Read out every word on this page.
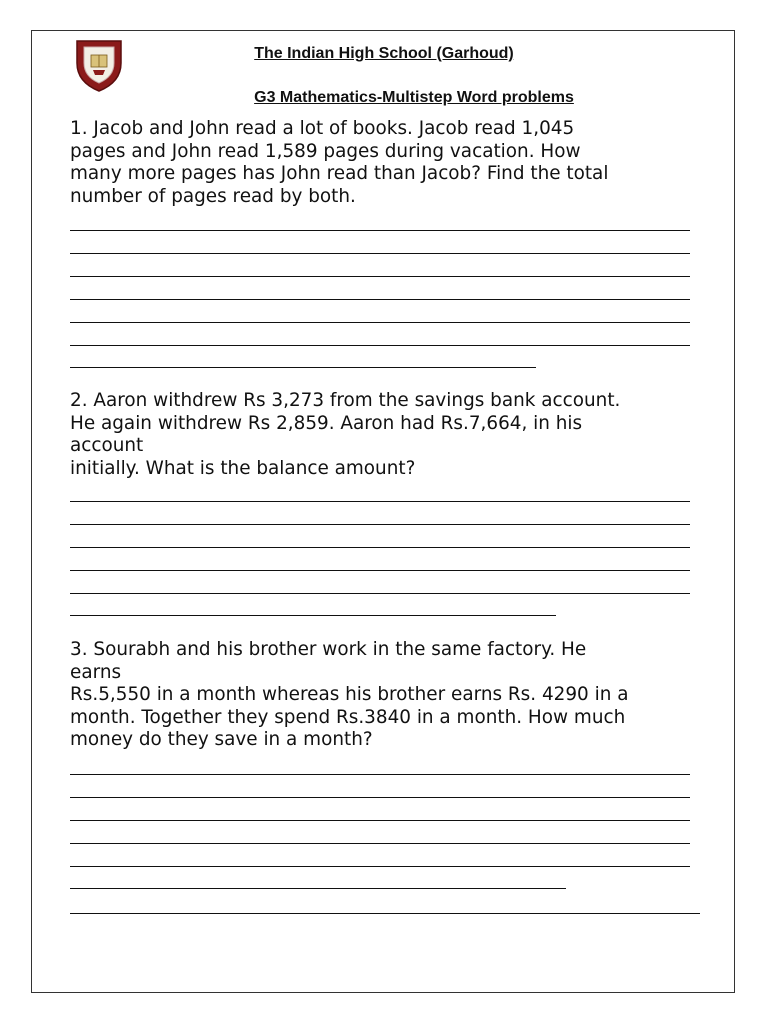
The Indian High School (Garhoud)
G3 Mathematics-Multistep Word problems
1. Jacob and John read a lot of books. Jacob read 1,045
pages and John read 1,589 pages during vacation. How
many more pages has John read than Jacob? Find the total
number of pages read by both.
2. Aaron withdrew Rs 3,273 from the savings bank account.
He again withdrew Rs 2,859. Aaron had Rs.7,664, in his
account
initially. What is the balance amount?
3. Sourabh and his brother work in the same factory. He
earns
Rs.5,550 in a month whereas his brother earns Rs. 4290 in a
month. Together they spend Rs.3840 in a month. How much
money do they save in a month?
